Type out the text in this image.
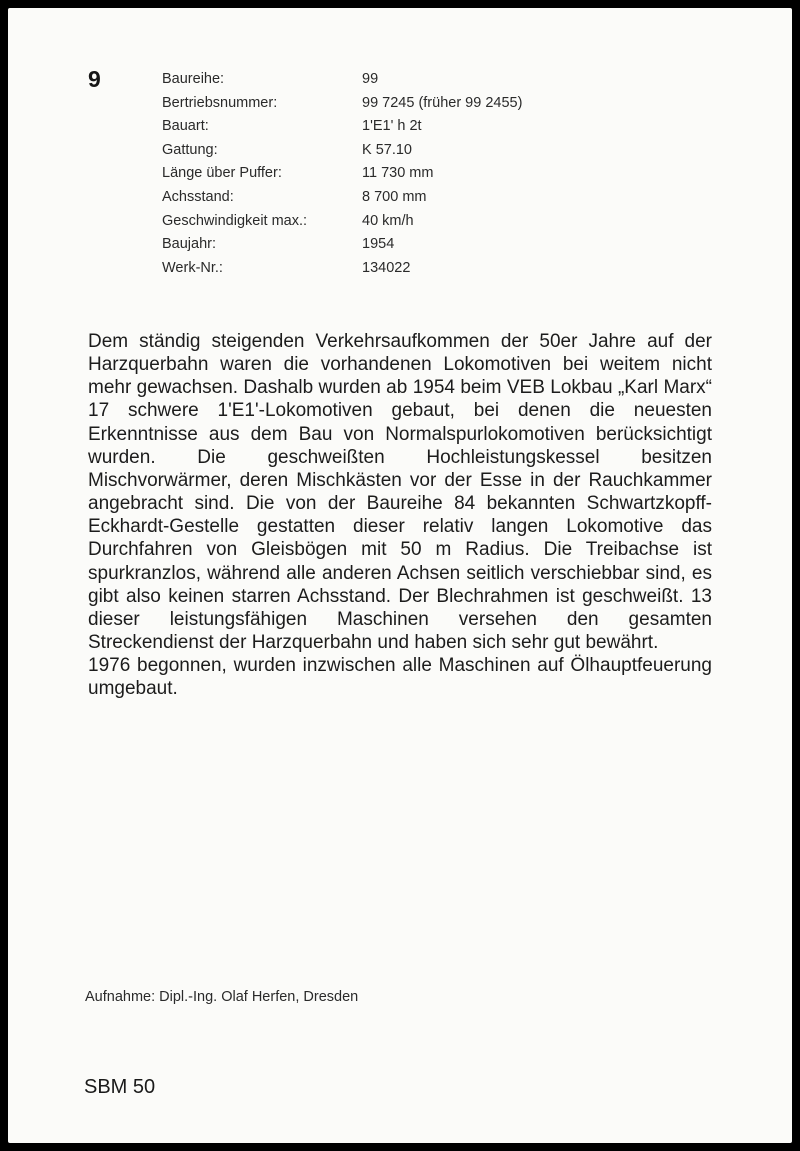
9	Baureihe:	99
Bertriebsnummer:	99 7245 (früher 99 2455)
Bauart:	1'E1' h 2t
Gattung:	K 57.10
Länge über Puffer:	11 730 mm
Achsstand:	8 700 mm
Geschwindigkeit max.:	40 km/h
Baujahr:	1954
Werk-Nr.:	134022

Dem ständig steigenden Verkehrsaufkommen der 50er Jahre auf der Harzquerbahn waren die vorhandenen Lokomotiven bei weitem nicht mehr gewachsen. Dashalb wurden ab 1954 beim VEB Lokbau „Karl Marx“ 17 schwere 1'E1'-Lokomotiven gebaut, bei denen die neuesten Erkenntnisse aus dem Bau von Normalspurlokomotiven berücksichtigt wurden. Die geschweißten Hochleistungskessel besitzen Mischvorwärmer, deren Mischkästen vor der Esse in der Rauchkammer angebracht sind. Die von der Baureihe 84 bekannten Schwartzkopff-Eckhardt-Gestelle gestatten dieser relativ langen Lokomotive das Durchfahren von Gleisbögen mit 50 m Radius. Die Treibachse ist spurkranzlos, während alle anderen Achsen seitlich verschiebbar sind, es gibt also keinen starren Achsstand. Der Blechrahmen ist geschweißt. 13 dieser leistungsfähigen Maschinen versehen den gesamten Streckendienst der Harzquerbahn und haben sich sehr gut bewährt.

1976 begonnen, wurden inzwischen alle Maschinen auf Ölhauptfeuerung umgebaut.

Aufnahme: Dipl.-Ing. Olaf Herfen, Dresden
SBM 50
